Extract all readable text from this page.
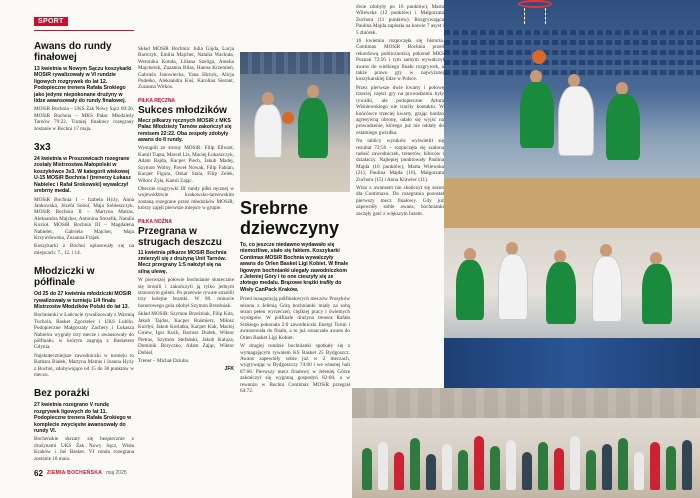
SPORT
Awans do rundy finałowej

13 kwietnia w Nowym Sączu koszykarki MOSiR rywalizowały w VI rundzie ligowych rozgrywek do lat 12. Podopieczne trenera Rafała Srokiego jako jedyne niepokonane drużyny w lidze awansowały do rundy finałowej.

MOSiR Bochnia – UKS Żak Nowy Sącz 60:26, MOSiR Bochnia – MKS Pałac Młodzieży Tarnów 79:22. Turniej finałowy rozegrany zostanie w Bochni 17 maja.

3x3

24 kwietnia w Proszowicach rozegrane zostały Mistrzostwa Małopolski w koszykówce 3x3. W kategorii wiekowej U-15 MOSiR Bochnia I (trenerzy Łukasz Nabielec i Rafał Srokowski) wywalczył srebrny medal.

MOSiR Bochnia I – Izabela Hyży, Anna Jankowska, Józefa Sobol, Maja Sobieszczyk. MOSiR Bochnia II – Martyna Matras, Aleksandra Majcher, Antonina Stezelik, Natalia Kozioł. MOSiR Bochnia III – Magdalena Nabielec, Gabriela Majcher, Maja Krzywdowska, Zuzanna Frajak.

Koszykarki z Bochni uplasowały się na miejscach: 7., 12. i 14.

Młodziczki w półfinale

Od 25 do 27 kwietnia młodziczki MOSiR rywalizowały w turnieju 1/4 finału Mistrzostw Młodzików Polski do lat 13.

Bochnianki w Łańcucie rywalizowały z Warmią Tuchola, Basket Zgorzelec i UKS Lublin. Podopieczne Małgorzaty Zachery i Łukasza Nabielca wygrały trzy mecze i awansowały do półfinału, w którym zagrają z Basketem Gdynia.

Najskuteczniejsze zawodniczki w turnieju to Barbara Białek, Martyna Matras i Joanna Hyży z Bochni, zdobywające od 15 do 30 punktów w meczu.

Bez porażki

27 kwietnia rozegrano V rundę rozgrywek ligowych do lat 11. Podopieczne trenera Rafała Srokiego w komplecie zwycięstw awansowały do rundy VI.

Bocheńskie skrzaty się bezpiecznie z drużynami UKS Żak Nowy Sącz, Wisła Kraków i Jaś Basket. VI runda rozegrana zostanie 18 maja.

Skład MOSiR Bochnia: Julia Gajda, Lucja Bartczyk, Emilia Majcher, Natalia Wachuła, Weronika Kotuła, Liliana Szeliga, Amelia Majcherek, Zuzanna Bilas, Hanna Krzemień, Gabriela Janowiecka, Yana Hirnyk, Alicja Pudełko, Aleksandra Kuś, Karolina Sierant, Zuzanna Witkos.

PIŁKA RĘCZNA
Sukces młodzików

Mecz piłkarzy ręcznych MOSiR z MKS Pałac Młodzieży Tarnów zakończył się remisem 22:22. Oba zespoły zdobyły awans do II rundy.

Wystąpili ze strony MOSiR: Filip Ellwart, Kamil Tupta, Marcel Lis, Maciej Łukaszczyk, Adam Bajda, Kacper Piech, Jakub Madej, Szymon Wolny, Paweł Nowak, Filip Fabian, Kacper Figura, Oskar Stala, Filip Zelek, Wiktor Żyła, Kamil Zając.

Obecnie rozgrywki III rundy piłki ręcznej w województwie krakowsko-tarnowskim zostaną rozegrane przez młodzików MOSiR, którzy zajęli pierwsze miejsce w grupie.

PIŁKA NOŻNA
Przegrana w strugach deszczu

11 kwietnia piłkarze MOSiR Bochnia zmierzyli się z drużyną Unii Tarnów. Mecz przegrany 1:5 nałożył się na silną ulewę.

W pierwszej połowie bochnianie skutecznie się bronili i zakończyli ją tylko jednym straconym golem. Po przerwie rywale strzelili trzy kolejne bramki. W 80. minucie honorowego gola zdobył Szymon Brzeżniak.

Skład MOSiR: Szymon Brzeżniak, Filip Kita, Jakub Tajdus, Kacper Ruśmierz, Miłosz Kurdyś, Jakub Korlatka, Kacper Kuk, Maciej Gniew, Igor Kuch, Bartosz Dudek, Wiktor Pietras, Szymon Stefański, Jakub Kaluza, Dominik Boryczko, Adam Zając, Wiktor Dubiel.

Trener – Michał Dziuba.

JFK
Srebrne dziewczyny

To, co jeszcze niedawno wydawało się niemożliwe, stało się faktem. Koszykarki Contimax MOSiR Bochnia wywalczyły awans do Orlen Basket Ligi Kobiet. W finale ligowym bochnianki ulegały zawodniczkom z Jeleniej Góry i to one cieszyły się ze złotego medalu. Brązowe krążki trafiły do Wisły CanPack Kraków.

Przed inauguracją półfinałowych meczów Prusyków sezonu z Jelenią Górą bochnianki miały za sobą sezon pełen wyrzeczeń, ciężkiej pracy i świetnych występów. W półfinale drużyna trenera Rafała Srokiego pokonała 2:0 zawodniczki Energi Toruń i awansowała do finału, a to już oznaczało awans do Orlen Basket Ligi Kobiet.

W drugiej rundzie bochnianki spotkały się z wymagającym rywalem KS Basket 25 Bydgoszcz. Awans zapewniły sobie już w 2 meczach, wygrywając w Bydgoszczy 74:60 i we własnej hali 87:66. Pierwszy mecz finałowy w Jeleniej Górze zakończył się wygraną gospodyń 82:68, a w rewanżu w Bochni Contimax MOSiR przegrał 64:72.

dwie zdobyły po 16 punktów), Marta Wilewska (12 punktów) i Małgorzata Zuchora (11 punktów). Rozgrywająca Paulina Majda zapisała na koncie 7 asyst i 5 zbiórek.

16 kwietnia rozpoczęła się historia. Contimax MOSiR Bochnia przed rekordową publicznością pokonał MKS Poznań 72:56 i tym samym wywalczył awans do wielkiego finału rozgrywek, a także prawo gry w najwyższej koszykarskiej lidze w Polsce.

Przez pierwsze dwie kwarty i połowę trzeciej części gry na prowadzeniu były rywalki, ale podopieczne Artura Wiśniewskiego nie traciły kontaktu. W końcówce trzeciej kwarty, grając bardzo agresywną obronę, udało się wyjść na prowadzenie, którego już nie oddały do ostatniego gwizdka.

Na tablicy wyników wyświetlił się rezultat 72:56 – rozpoczęła się szalona radość zawodniczek, trenerów, kibiców i działaczy. Najlepiej punktowały Paulina Majda (16 punktów), Marta Wilewska (21), Paulina Majda (16), Małgorzata Zuchora (15) i Anna Krawiec (11).

Wraz z awansem nie skończył się sezon dla Contimaxu. Do rozegrania pozostał pierwszy mecz finałowy. Gdy już zapewniły sobie awans, bochnianki zaczęły grać z większym luzem.

62 ZIEMIA BOCHEŃSKA maj 2025
